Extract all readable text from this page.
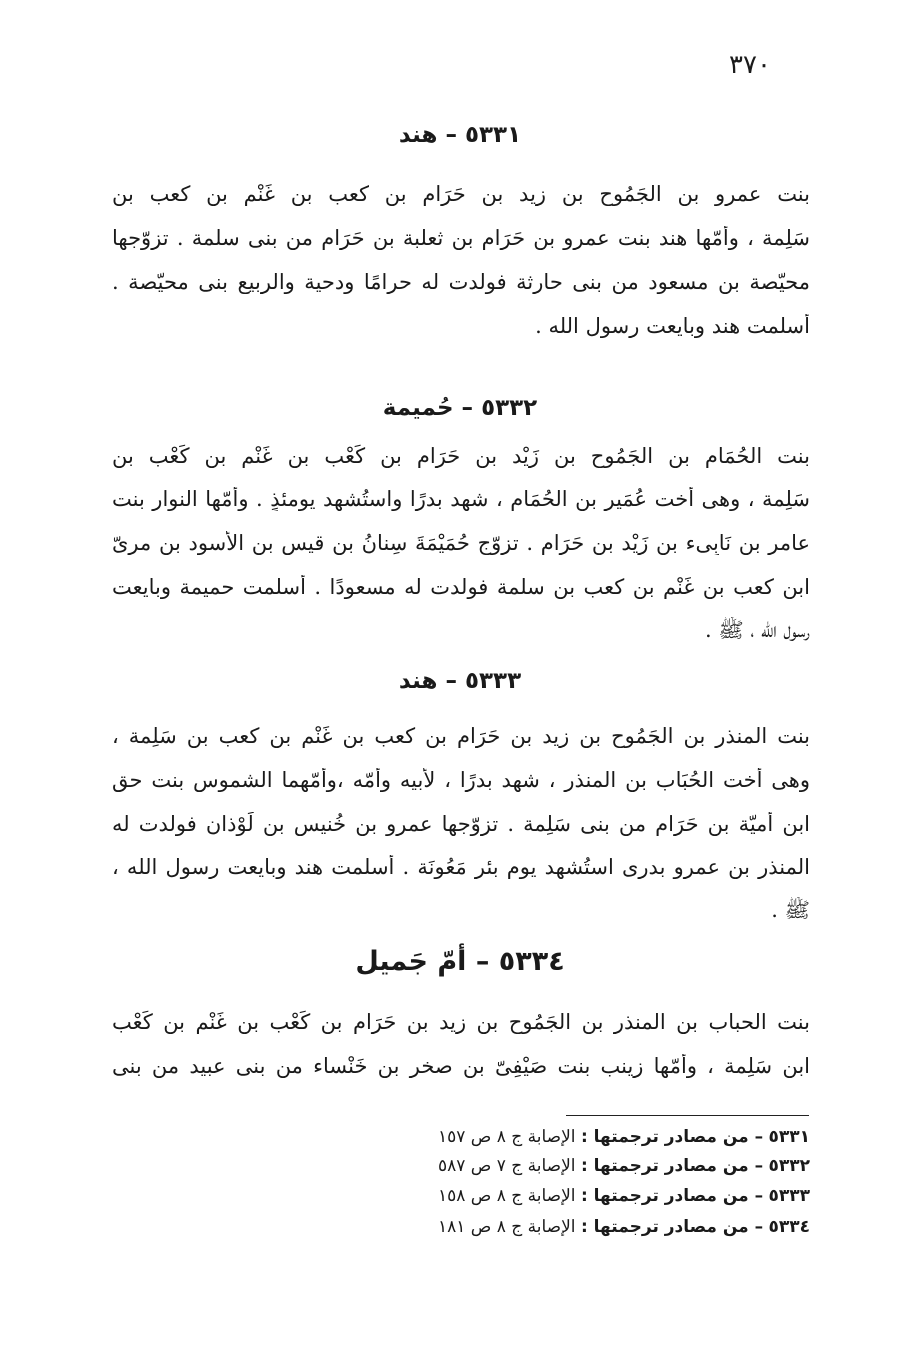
٣٧٠
٥٣٣١ – هند
بنت عمرو بن الجَمُوح بن زيد بن حَرَام بن كعب بن غَنْم بن كعب بن
سَلِمة ، وأمّها هند بنت عمرو بن حَرَام بن ثعلبة بن حَرَام من بنى سلمة . تزوّجها
محيّصة بن مسعود من بنى حارثة فولدت له حرامًا ودحية والربيع بنى محيّصة .
أسلمت هند وبايعت رسول الله .
٥٣٣٢ – حُميمة
بنت الحُمَام بن الجَمُوح بن زَيْد بن حَرَام بن كَعْب بن غَنْم بن كَعْب بن
سَلِمة ، وهى أخت عُمَير بن الحُمَام ، شهد بدرًا واستُشهد يومئذٍ . وأمّها النوار بنت
عامر بن نَابِىء بن زَيْد بن حَرَام . تزوّج حُمَيْمَةَ سِنانُ بن قيس بن الأسود بن مرىّ
ابن كعب بن غَنْم بن كعب بن سلمة فولدت له مسعودًا . أسلمت حميمة وبايعت
رسول الله ، ﷺ .
٥٣٣٣ – هند
بنت المنذر بن الجَمُوح بن زيد بن حَرَام بن كعب بن غَنْم بن كعب بن سَلِمة ،
وهى أخت الحُبَاب بن المنذر ، شهد بدرًا ، لأبيه وأمّه ،وأمّهما الشموس بنت حق
ابن أميّة بن حَرَام من بنى سَلِمة . تزوّجها عمرو بن خُنيس بن لَوْذان فولدت له
المنذر بن عمرو بدرى استُشهد يوم بئر مَعُونَة . أسلمت هند وبايعت رسول الله ،
ﷺ .
٥٣٣٤ – أمّ جَميل
بنت الحباب بن المنذر بن الجَمُوح بن زيد بن حَرَام بن كَعْب بن غَنْم بن كَعْب
ابن سَلِمة ، وأمّها زينب بنت صَيْفِىّ بن صخر بن خَنْساء من بنى عبيد من بنى
٥٣٣١ – من مصادر ترجمتها : الإصابة ج ٨ ص ١٥٧
٥٣٣٢ – من مصادر ترجمتها : الإصابة ج ٧ ص ٥٨٧
٥٣٣٣ – من مصادر ترجمتها : الإصابة ج ٨ ص ١٥٨
٥٣٣٤ – من مصادر ترجمتها : الإصابة ج ٨ ص ١٨١
